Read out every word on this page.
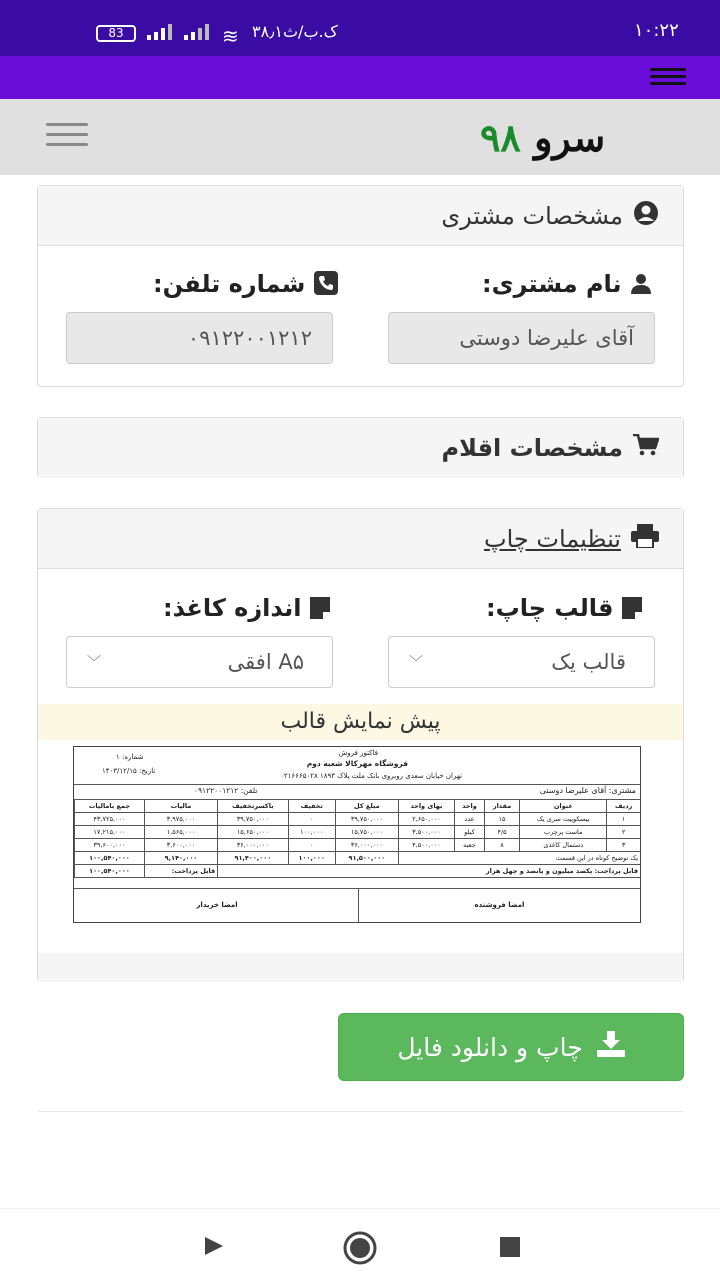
۱۰:۲۲
۳۸٫۱ک.ب/ث
≋
83
سرو ۹۸
مشخصات مشتری
نام مشتری:
آقای علیرضا دوستی
شماره تلفن:
۰۹۱۲۲۰۰۱۲۱۲
مشخصات اقلام
تنظیمات چاپ
قالب چاپ:
قالب یک
﹀
اندازه کاغذ:
A۵ افقی
﹀
پیش نمایش قالب
فاکتور فروش
فروشگاه مهرکالا شعبه دوم
تهران خیابان سعدی روبروی بانک ملت پلاک ۱۸۹۳ ۰۲۱۶۶۶۵۰۲۸
شماره: ۱
تاریخ: ۱۴۰۳/۱۲/۱۵
مشتری: آقای علیرضا دوستی
تلفن: ۰۹۱۲۲۰۰۱۲۱۲
ردیف	عنوان	مقدار	واحد	بهای واحد	مبلغ کل	تخفیف	باکسرتخفیف	مالیات	جمع بامالیات
۱	بیسکوییت سری یک	۱۵	عدد	۲,۶۵۰,۰۰۰	۳۹,۷۵۰,۰۰۰	۰	۳۹,۷۵۰,۰۰۰	۳,۹۷۵,۰۰۰	۴۳,۷۲۵,۰۰۰
۲	ماست پرچرب	۴/۵	کیلو	۳,۵۰۰,۰۰۰	۱۵,۷۵۰,۰۰۰	۱۰۰,۰۰۰	۱۵,۶۵۰,۰۰۰	۱,۵۶۵,۰۰۰	۱۷,۲۱۵,۰۰۰
۳	دستمال کاغذی	۸	جعبه	۴,۵۰۰,۰۰۰	۳۶,۰۰۰,۰۰۰	۰	۳۶,۰۰۰,۰۰۰	۳,۶۰۰,۰۰۰	۳۹,۶۰۰,۰۰۰
یک توضیح کوتاه در این قسمت					۹۱,۵۰۰,۰۰۰	۱۰۰,۰۰۰	۹۱,۴۰۰,۰۰۰	۹,۱۴۰,۰۰۰	۱۰۰,۵۴۰,۰۰۰
قابل پرداخت: یکصد میلیون و پانصد و چهل هزار								قابل پرداخت:	۱۰۰,۵۴۰,۰۰۰
امضا فروشنده
امضا خریدار
چاپ و دانلود فایل
